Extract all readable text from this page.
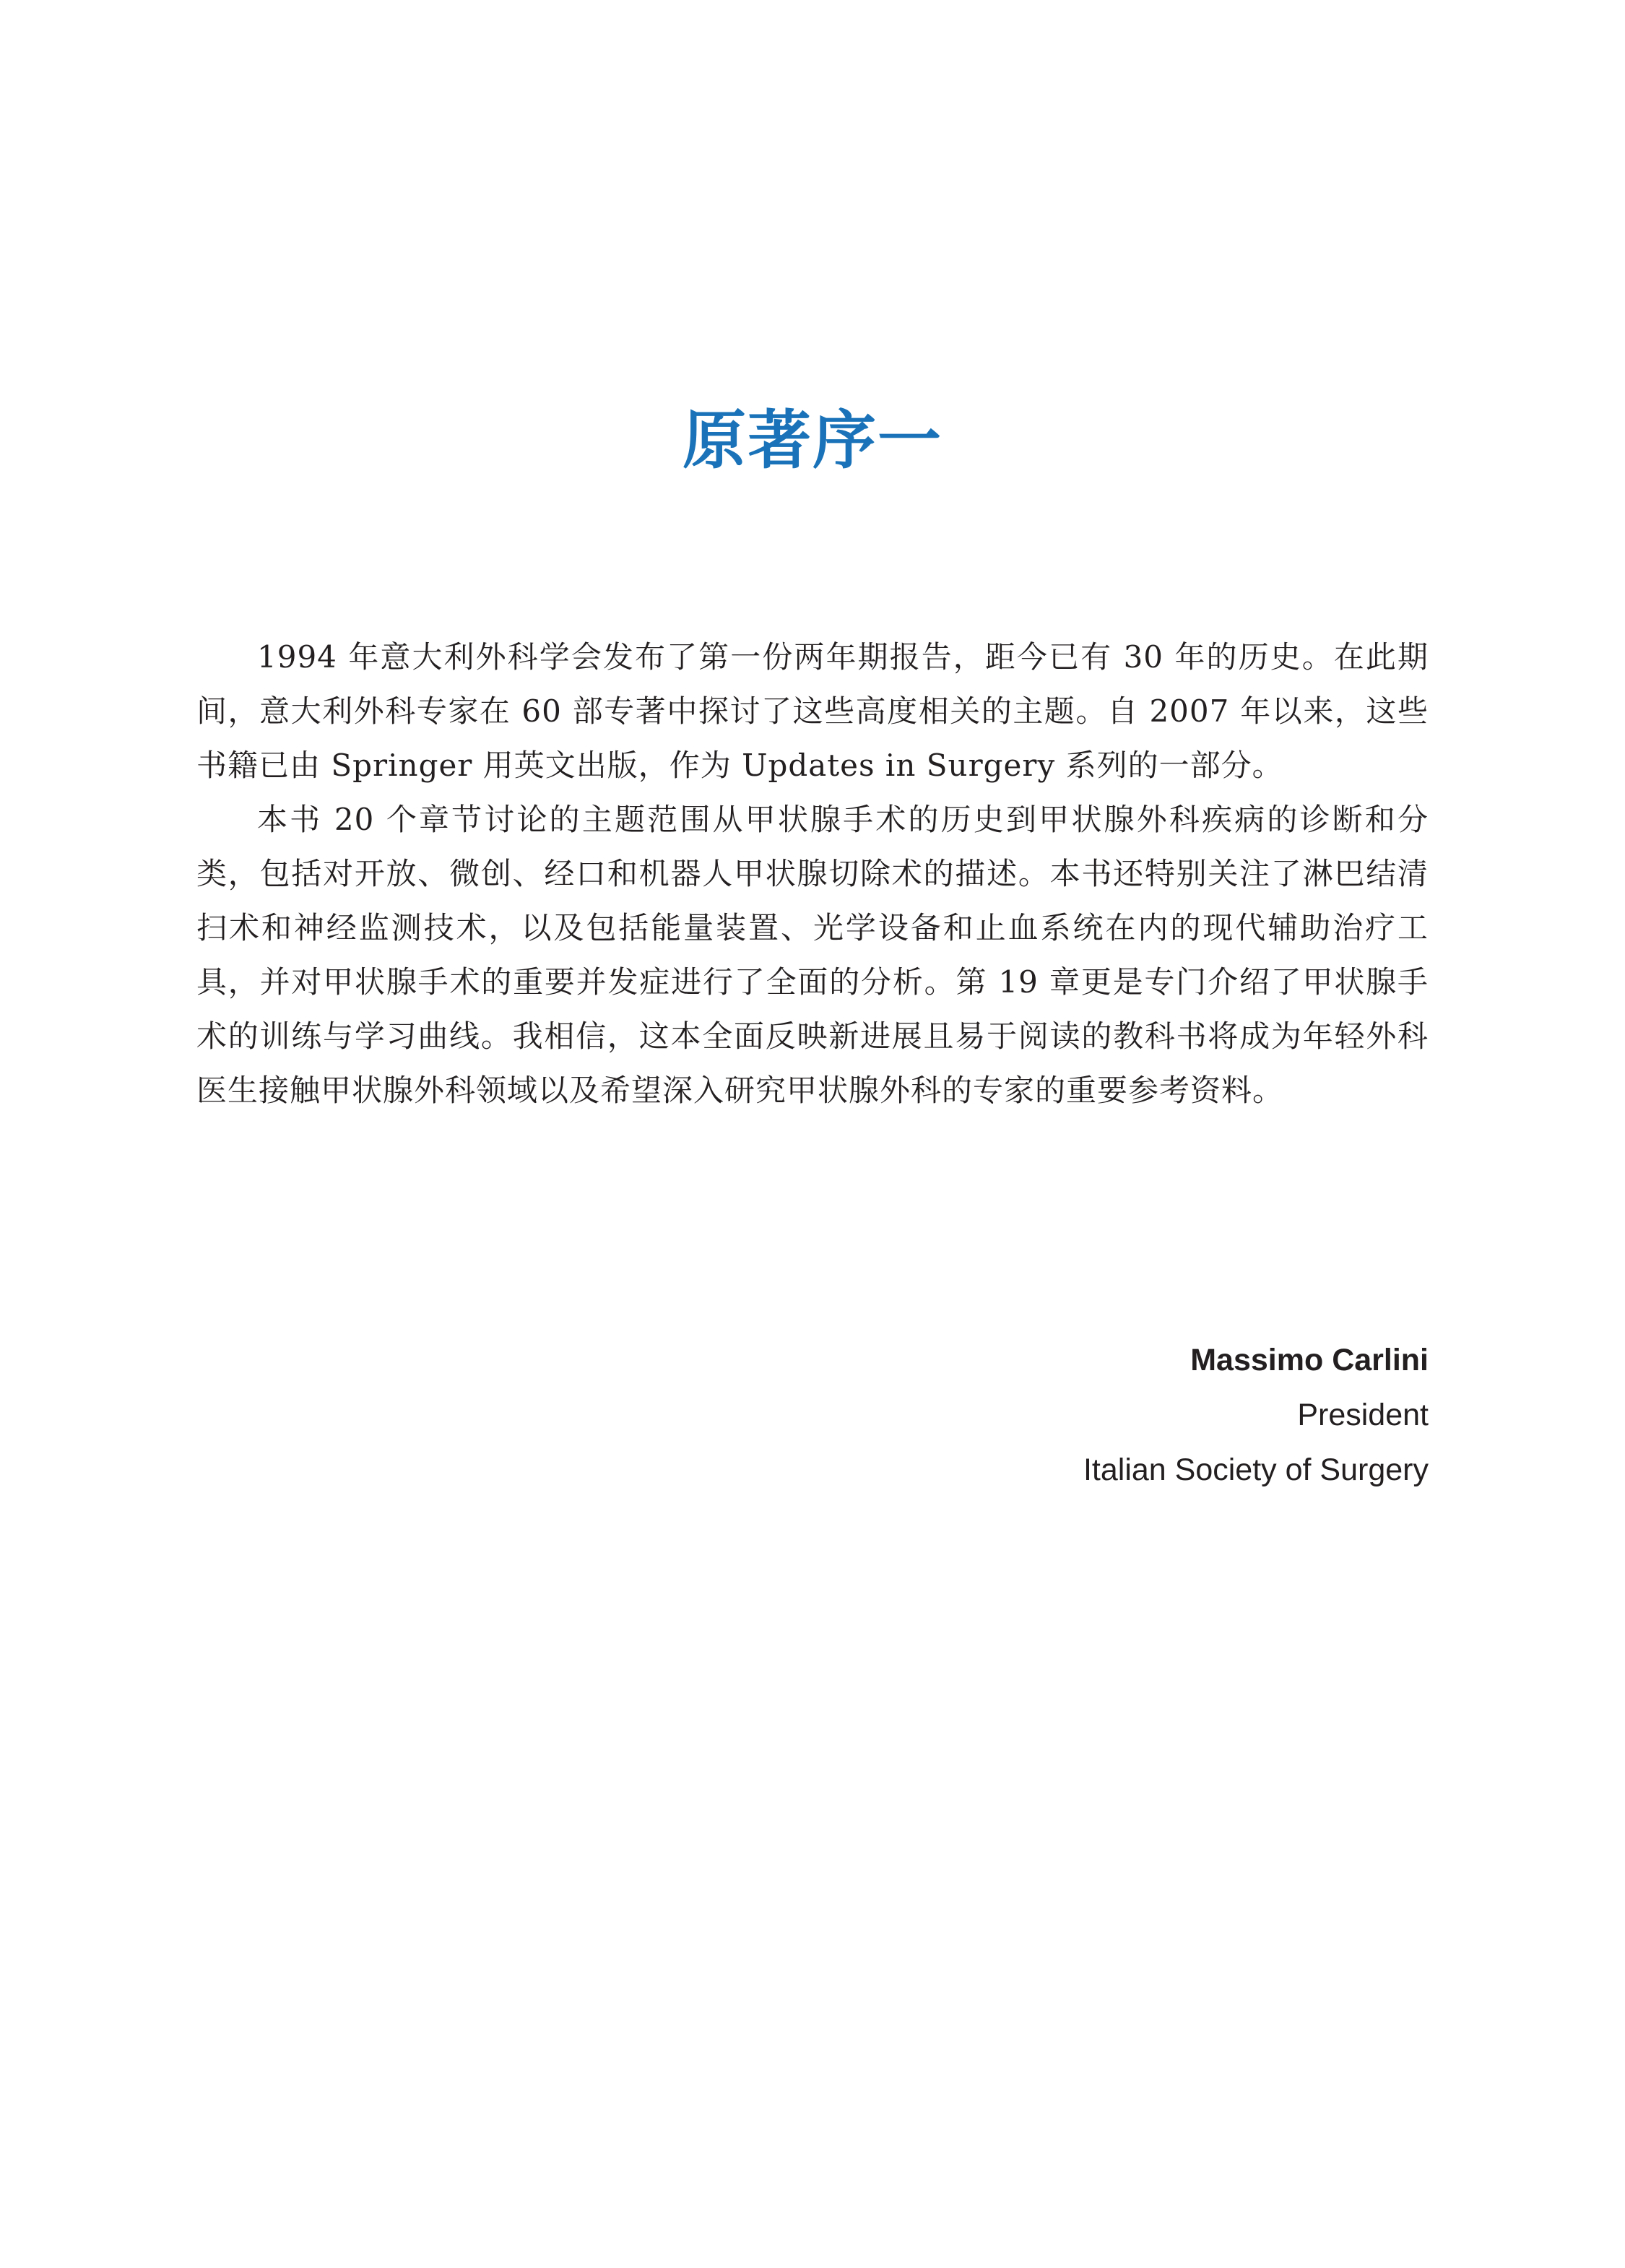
原著序一

1994 年意大利外科学会发布了第一份两年期报告，距今已有 30 年的历史。在此期间，意大利外科专家在 60 部专著中探讨了这些高度相关的主题。自 2007 年以来，这些书籍已由 Springer 用英文出版，作为 Updates in Surgery 系列的一部分。

本书 20 个章节讨论的主题范围从甲状腺手术的历史到甲状腺外科疾病的诊断和分类，包括对开放、微创、经口和机器人甲状腺切除术的描述。本书还特别关注了淋巴结清扫术和神经监测技术，以及包括能量装置、光学设备和止血系统在内的现代辅助治疗工具，并对甲状腺手术的重要并发症进行了全面的分析。第 19 章更是专门介绍了甲状腺手术的训练与学习曲线。我相信，这本全面反映新进展且易于阅读的教科书将成为年轻外科医生接触甲状腺外科领域以及希望深入研究甲状腺外科的专家的重要参考资料。

Massimo Carlini
President
Italian Society of Surgery
